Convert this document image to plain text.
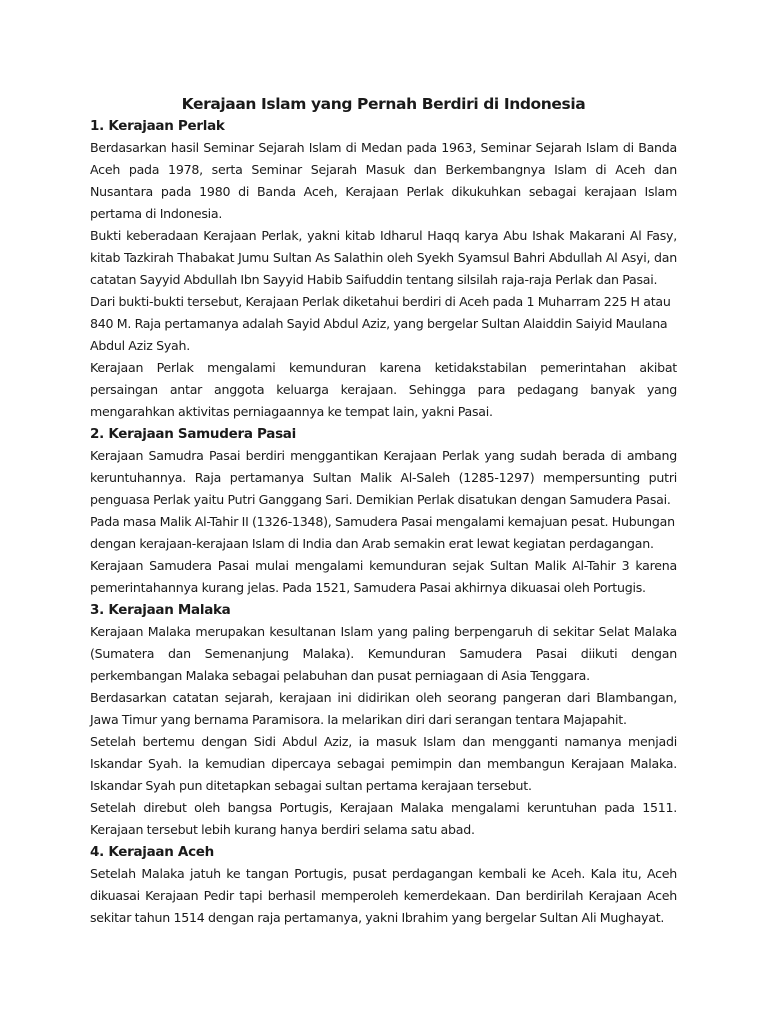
Kerajaan Islam yang Pernah Berdiri di Indonesia
1. Kerajaan Perlak

Berdasarkan hasil Seminar Sejarah Islam di Medan pada 1963, Seminar Sejarah Islam di Banda Aceh pada 1978, serta Seminar Sejarah Masuk dan Berkembangnya Islam di Aceh dan Nusantara pada 1980 di Banda Aceh, Kerajaan Perlak dikukuhkan sebagai kerajaan Islam pertama di Indonesia.

Bukti keberadaan Kerajaan Perlak, yakni kitab Idharul Haqq karya Abu Ishak Makarani Al Fasy, kitab Tazkirah Thabakat Jumu Sultan As Salathin oleh Syekh Syamsul Bahri Abdullah Al Asyi, dan catatan Sayyid Abdullah Ibn Sayyid Habib Saifuddin tentang silsilah raja-raja Perlak dan Pasai.

Dari bukti-bukti tersebut, Kerajaan Perlak diketahui berdiri di Aceh pada 1 Muharram 225 H atau 840 M. Raja pertamanya adalah Sayid Abdul Aziz, yang bergelar Sultan Alaiddin Saiyid Maulana Abdul Aziz Syah.

Kerajaan Perlak mengalami kemunduran karena ketidakstabilan pemerintahan akibat persaingan antar anggota keluarga kerajaan. Sehingga para pedagang banyak yang mengarahkan aktivitas perniagaannya ke tempat lain, yakni Pasai.

2. Kerajaan Samudera Pasai

Kerajaan Samudra Pasai berdiri menggantikan Kerajaan Perlak yang sudah berada di ambang keruntuhannya. Raja pertamanya Sultan Malik Al-Saleh (1285-1297) mempersunting putri penguasa Perlak yaitu Putri Ganggang Sari. Demikian Perlak disatukan dengan Samudera Pasai.

Pada masa Malik Al-Tahir II (1326-1348), Samudera Pasai mengalami kemajuan pesat. Hubungan dengan kerajaan-kerajaan Islam di India dan Arab semakin erat lewat kegiatan perdagangan.

Kerajaan Samudera Pasai mulai mengalami kemunduran sejak Sultan Malik Al-Tahir 3 karena pemerintahannya kurang jelas. Pada 1521, Samudera Pasai akhirnya dikuasai oleh Portugis.

3. Kerajaan Malaka

Kerajaan Malaka merupakan kesultanan Islam yang paling berpengaruh di sekitar Selat Malaka (Sumatera dan Semenanjung Malaka). Kemunduran Samudera Pasai diikuti dengan perkembangan Malaka sebagai pelabuhan dan pusat perniagaan di Asia Tenggara.

Berdasarkan catatan sejarah, kerajaan ini didirikan oleh seorang pangeran dari Blambangan, Jawa Timur yang bernama Paramisora. Ia melarikan diri dari serangan tentara Majapahit.

Setelah bertemu dengan Sidi Abdul Aziz, ia masuk Islam dan mengganti namanya menjadi Iskandar Syah. Ia kemudian dipercaya sebagai pemimpin dan membangun Kerajaan Malaka. Iskandar Syah pun ditetapkan sebagai sultan pertama kerajaan tersebut.

Setelah direbut oleh bangsa Portugis, Kerajaan Malaka mengalami keruntuhan pada 1511. Kerajaan tersebut lebih kurang hanya berdiri selama satu abad.

4. Kerajaan Aceh

Setelah Malaka jatuh ke tangan Portugis, pusat perdagangan kembali ke Aceh. Kala itu, Aceh dikuasai Kerajaan Pedir tapi berhasil memperoleh kemerdekaan. Dan berdirilah Kerajaan Aceh sekitar tahun 1514 dengan raja pertamanya, yakni Ibrahim yang bergelar Sultan Ali Mughayat.
